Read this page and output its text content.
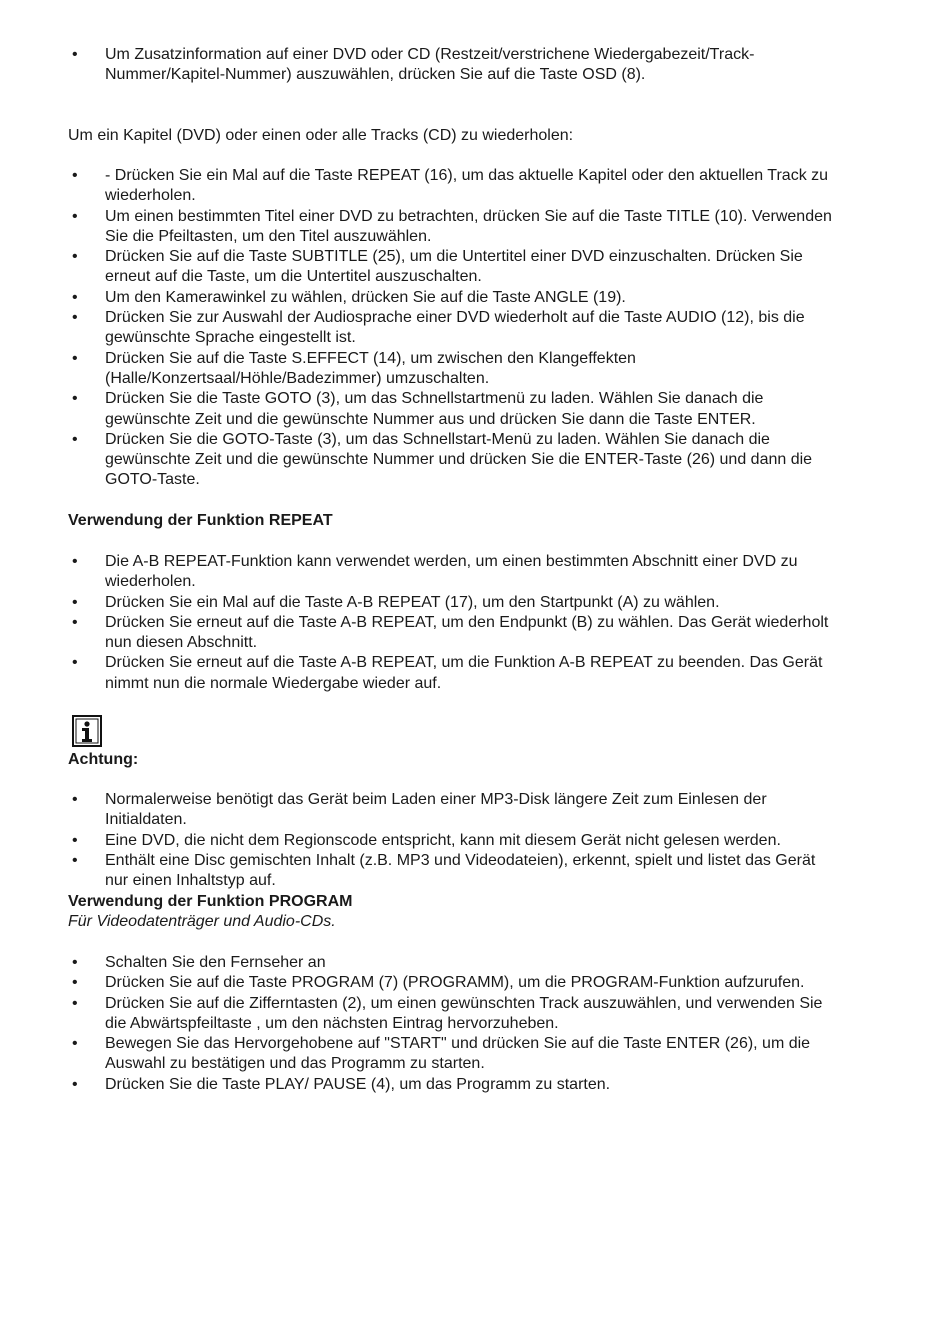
• Um Zusatzinformation auf einer DVD oder CD (Restzeit/verstrichene Wiedergabezeit/Track-Nummer/Kapitel-Nummer) auszuwählen, drücken Sie auf die Taste OSD (8).

Um ein Kapitel (DVD) oder einen oder alle Tracks (CD) zu wiederholen:

• - Drücken Sie ein Mal auf die Taste REPEAT (16), um das aktuelle Kapitel oder den aktuellen Track zu wiederholen.
• Um einen bestimmten Titel einer DVD zu betrachten, drücken Sie auf die Taste TITLE (10). Verwenden Sie die Pfeiltasten, um den Titel auszuwählen.
• Drücken Sie auf die Taste SUBTITLE (25), um die Untertitel einer DVD einzuschalten. Drücken Sie erneut auf die Taste, um die Untertitel auszuschalten.
• Um den Kamerawinkel zu wählen, drücken Sie auf die Taste ANGLE (19).
• Drücken Sie zur Auswahl der Audiosprache einer DVD wiederholt auf die Taste AUDIO (12), bis die gewünschte Sprache eingestellt ist.
• Drücken Sie auf die Taste S.EFFECT (14), um zwischen den Klangeffekten (Halle/Konzertsaal/Höhle/Badezimmer) umzuschalten.
• Drücken Sie die Taste GOTO (3), um das Schnellstartmenü zu laden. Wählen Sie danach die gewünschte Zeit und die gewünschte Nummer aus und drücken Sie dann die Taste ENTER.
• Drücken Sie die GOTO-Taste (3), um das Schnellstart-Menü zu laden. Wählen Sie danach die gewünschte Zeit und die gewünschte Nummer und drücken Sie die ENTER-Taste (26) und dann die GOTO-Taste.

Verwendung der Funktion REPEAT

• Die A-B REPEAT-Funktion kann verwendet werden, um einen bestimmten Abschnitt einer DVD zu wiederholen.
• Drücken Sie ein Mal auf die Taste A-B REPEAT (17), um den Startpunkt (A) zu wählen.
• Drücken Sie erneut auf die Taste A-B REPEAT, um den Endpunkt (B) zu wählen. Das Gerät wiederholt nun diesen Abschnitt.
• Drücken Sie erneut auf die Taste A-B REPEAT, um die Funktion A-B REPEAT zu beenden. Das Gerät nimmt nun die normale Wiedergabe wieder auf.

Achtung:

• Normalerweise benötigt das Gerät beim Laden einer MP3-Disk längere Zeit zum Einlesen der Initialdaten.
• Eine DVD, die nicht dem Regionscode entspricht, kann mit diesem Gerät nicht gelesen werden.
• Enthält eine Disc gemischten Inhalt (z.B. MP3 und Videodateien), erkennt, spielt und listet das Gerät nur einen Inhaltstyp auf.

Verwendung der Funktion PROGRAM

Für Videodatenträger und Audio-CDs.

• Schalten Sie den Fernseher an
• Drücken Sie auf die Taste PROGRAM (7) (PROGRAMM), um die PROGRAM-Funktion aufzurufen.
• Drücken Sie auf die Zifferntasten (2), um einen gewünschten Track auszuwählen, und verwenden Sie die Abwärtspfeiltaste , um den nächsten Eintrag hervorzuheben.
• Bewegen Sie das Hervorgehobene auf "START" und drücken Sie auf die Taste ENTER (26), um die Auswahl zu bestätigen und das Programm zu starten.
• Drücken Sie die Taste PLAY/ PAUSE (4), um das Programm zu starten.
